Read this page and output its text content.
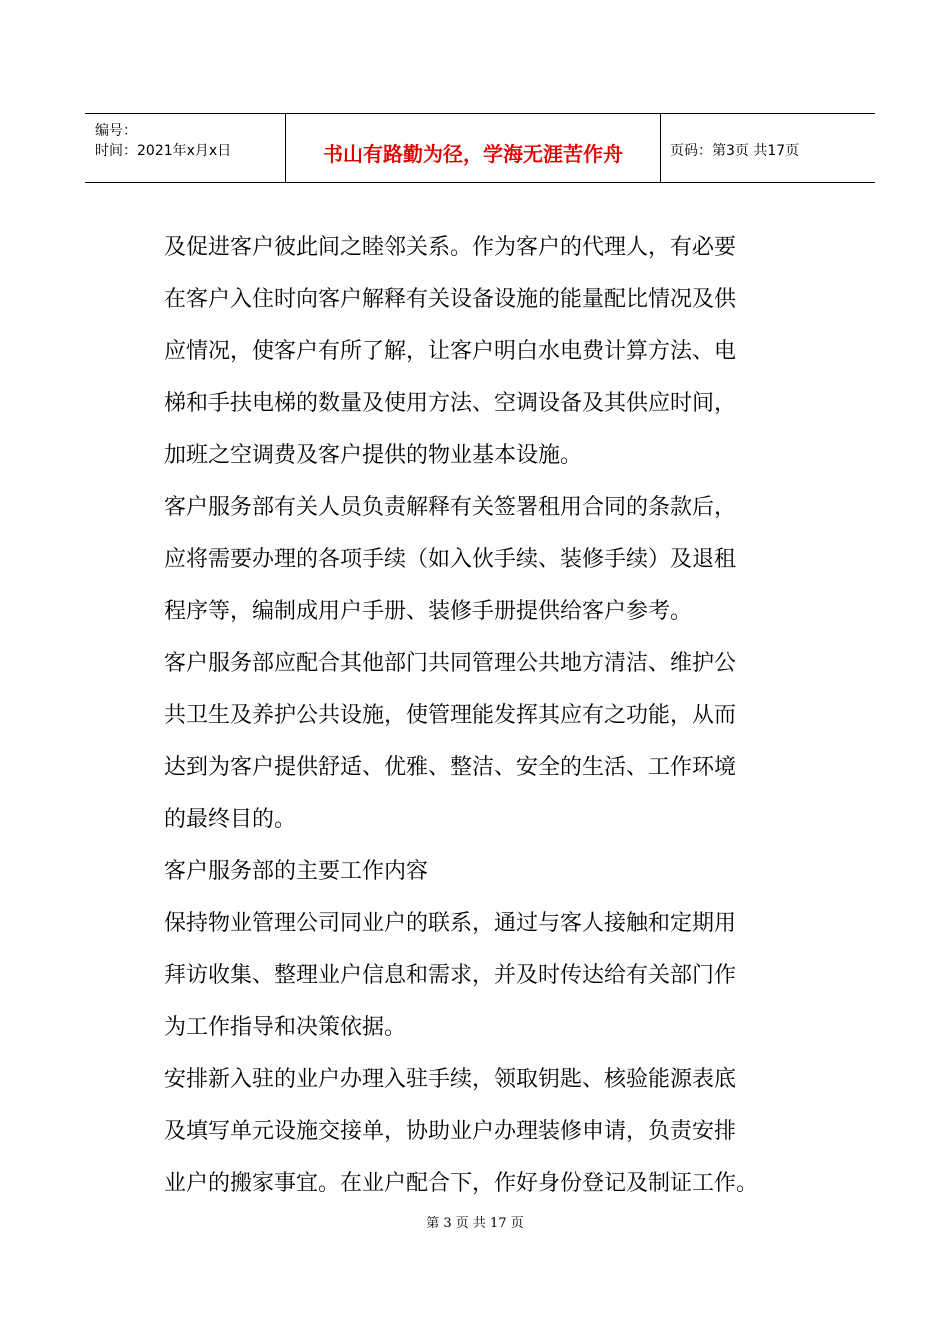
编号：
时间：2021年x月x日	书山有路勤为径，学海无涯苦作舟	页码：第3页 共17页

及促进客户彼此间之睦邻关系。作为客户的代理人，有必要
在客户入住时向客户解释有关设备设施的能量配比情况及供
应情况，使客户有所了解，让客户明白水电费计算方法、电
梯和手扶电梯的数量及使用方法、空调设备及其供应时间，
加班之空调费及客户提供的物业基本设施。

客户服务部有关人员负责解释有关签署租用合同的条款后，
应将需要办理的各项手续（如入伙手续、装修手续）及退租
程序等，编制成用户手册、装修手册提供给客户参考。

客户服务部应配合其他部门共同管理公共地方清洁、维护公
共卫生及养护公共设施，使管理能发挥其应有之功能，从而
达到为客户提供舒适、优雅、整洁、安全的生活、工作环境
的最终目的。

客户服务部的主要工作内容

保持物业管理公司同业户的联系，通过与客人接触和定期用
拜访收集、整理业户信息和需求，并及时传达给有关部门作
为工作指导和决策依据。

安排新入驻的业户办理入驻手续，领取钥匙、核验能源表底
及填写单元设施交接单，协助业户办理装修申请，负责安排
业户的搬家事宜。在业户配合下，作好身份登记及制证工作。

第 3 页 共 17 页
